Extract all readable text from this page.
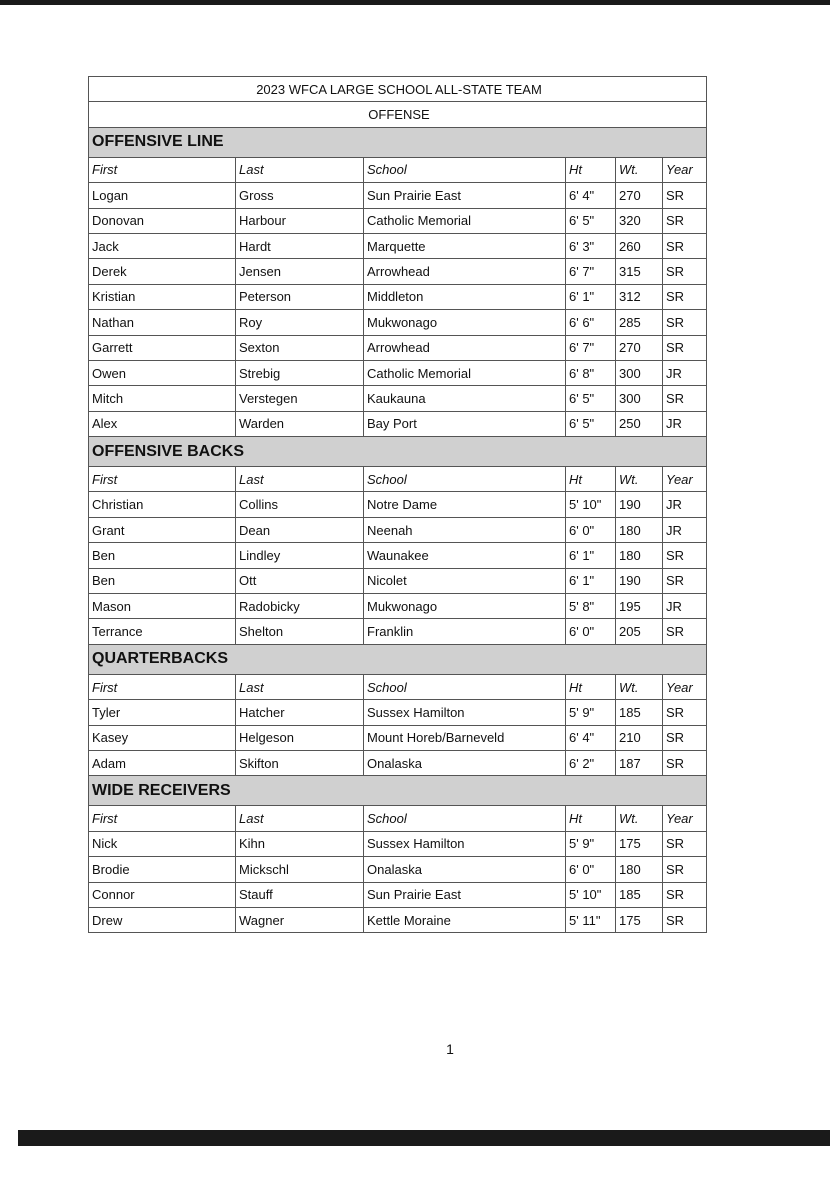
2023 WFCA LARGE SCHOOL ALL-STATE TEAM					
OFFENSE					
OFFENSIVE LINE					
First	Last	School	Ht	Wt.	Year
Logan	Gross	Sun Prairie East	6' 4"	270	SR
Donovan	Harbour	Catholic Memorial	6' 5"	320	SR
Jack	Hardt	Marquette	6' 3"	260	SR
Derek	Jensen	Arrowhead	6' 7"	315	SR
Kristian	Peterson	Middleton	6' 1"	312	SR
Nathan	Roy	Mukwonago	6' 6"	285	SR
Garrett	Sexton	Arrowhead	6' 7"	270	SR
Owen	Strebig	Catholic Memorial	6' 8"	300	JR
Mitch	Verstegen	Kaukauna	6' 5"	300	SR
Alex	Warden	Bay Port	6' 5"	250	JR
OFFENSIVE BACKS					
First	Last	School	Ht	Wt.	Year
Christian	Collins	Notre Dame	5' 10"	190	JR
Grant	Dean	Neenah	6' 0"	180	JR
Ben	Lindley	Waunakee	6' 1"	180	SR
Ben	Ott	Nicolet	6' 1"	190	SR
Mason	Radobicky	Mukwonago	5' 8"	195	JR
Terrance	Shelton	Franklin	6' 0"	205	SR
QUARTERBACKS					
First	Last	School	Ht	Wt.	Year
Tyler	Hatcher	Sussex Hamilton	5' 9"	185	SR
Kasey	Helgeson	Mount Horeb/Barneveld	6' 4"	210	SR
Adam	Skifton	Onalaska	6' 2"	187	SR
WIDE RECEIVERS					
First	Last	School	Ht	Wt.	Year
Nick	Kihn	Sussex Hamilton	5' 9"	175	SR
Brodie	Mickschl	Onalaska	6' 0"	180	SR
Connor	Stauff	Sun Prairie East	5' 10"	185	SR
Drew	Wagner	Kettle Moraine	5' 11"	175	SR
1
